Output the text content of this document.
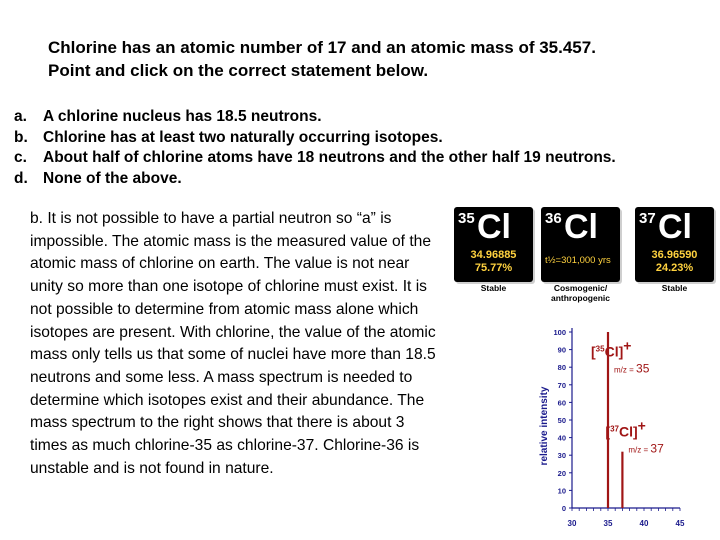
Chlorine has an atomic number of 17 and an atomic mass of 35.457.
Point and click on the correct statement below.
a.	A chlorine nucleus has 18.5 neutrons.
b. Chlorine has at least two naturally occurring isotopes.
c.	About half of chlorine atoms have 18 neutrons and the other half 19 neutrons.
d. None of the above.
b. It is not possible to have a partial neutron so “a” is impossible. The atomic mass is the measured value of the atomic mass of chlorine on earth. The value is not near unity so more than one isotope of chlorine must exist. It is not possible to determine from atomic mass alone which isotopes are present. With chlorine, the value of the atomic mass only tells us that some of nuclei have more than 18.5 neutrons and some less. A mass spectrum is needed to determine which isotopes exist and their abundance. The mass spectrum to the right shows that there is about 3 times as much chlorine-35 as chlorine-37. Chlorine-36 is unstable and is not found in nature.
35 Cl
34.96885
75.77%
Stable
36 Cl
t½=301,000 yrs
Cosmogenic/ anthropogenic
37 Cl
36.96590
24.23%
Stable
relative intensity
0
10
20
30
40
50
60
70
80
90
100
30	35	40	45
[$^{35}$Cl]+
m/z = 35
[$^{37}$Cl]+
m/z = 37
